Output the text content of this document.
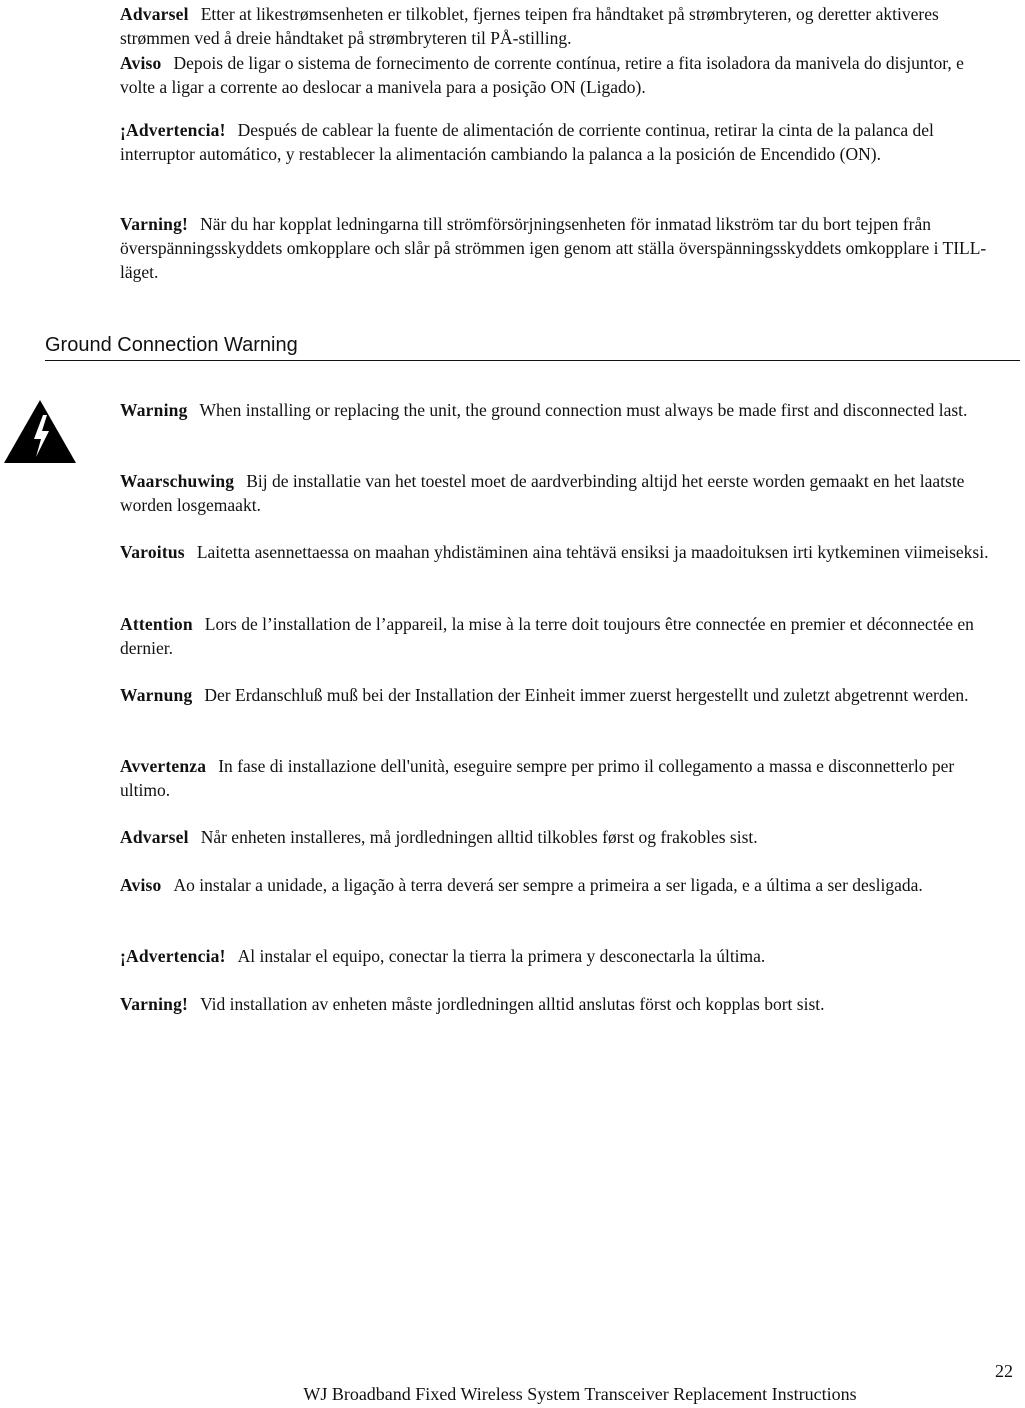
Advarsel Etter at likestrømsenheten er tilkoblet, fjernes teipen fra håndtaket på strømbryteren, og deretter aktiveres strømmen ved å dreie håndtaket på strømbryteren til PÅ-stilling.

Aviso Depois de ligar o sistema de fornecimento de corrente contínua, retire a fita isoladora da manivela do disjuntor, e volte a ligar a corrente ao deslocar a manivela para a posição ON (Ligado).

¡Advertencia! Después de cablear la fuente de alimentación de corriente continua, retirar la cinta de la palanca del interruptor automático, y restablecer la alimentación cambiando la palanca a la posición de Encendido (ON).

Varning! När du har kopplat ledningarna till strömförsörjningsenheten för inmatad likström tar du bort tejpen från överspänningsskyddets omkopplare och slår på strömmen igen genom att ställa överspänningsskyddets omkopplare i TILL-läget.

Ground Connection Warning

Warning When installing or replacing the unit, the ground connection must always be made first and disconnected last.

Waarschuwing Bij de installatie van het toestel moet de aardverbinding altijd het eerste worden gemaakt en het laatste worden losgemaakt.

Varoitus Laitetta asennettaessa on maahan yhdistäminen aina tehtävä ensiksi ja maadoituksen irti kytkeminen viimeiseksi.

Attention Lors de l’installation de l’appareil, la mise à la terre doit toujours être connectée en premier et déconnectée en dernier.

Warnung Der Erdanschluß muß bei der Installation der Einheit immer zuerst hergestellt und zuletzt abgetrennt werden.

Avvertenza In fase di installazione dell'unità, eseguire sempre per primo il collegamento a massa e disconnetterlo per ultimo.

Advarsel Når enheten installeres, må jordledningen alltid tilkobles først og frakobles sist.

Aviso Ao instalar a unidade, a ligação à terra deverá ser sempre a primeira a ser ligada, e a última a ser desligada.

¡Advertencia! Al instalar el equipo, conectar la tierra la primera y desconectarla la última.

Varning! Vid installation av enheten måste jordledningen alltid anslutas först och kopplas bort sist.

22

WJ Broadband Fixed Wireless System Transceiver Replacement Instructions
